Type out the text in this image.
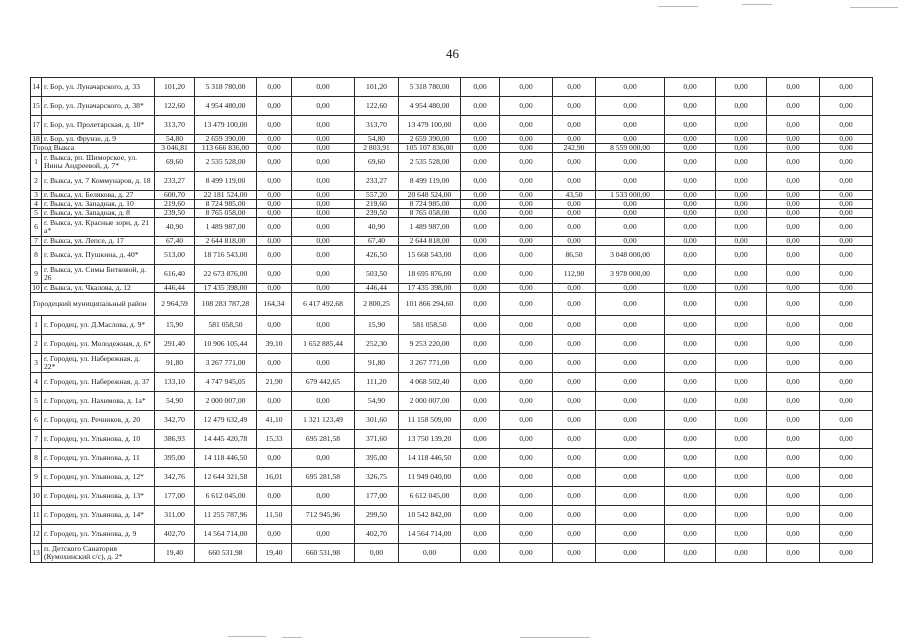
46
14	г. Бор, ул. Луначарского, д. 33	101,20	5 318 780,00	0,00	0,00	101,20	5 318 780,00	0,00	0,00	0,00	0,00	0,00	0,00	0,00	0,00
15	г. Бор, ул. Луначарского, д. 38*	122,60	4 954 480,00	0,00	0,00	122,60	4 954 480,00	0,00	0,00	0,00	0,00	0,00	0,00	0,00	0,00
17	г. Бор, ул. Пролетарская, д. 10*	313,70	13 479 100,00	0,00	0,00	313,70	13 479 100,00	0,00	0,00	0,00	0,00	0,00	0,00	0,00	0,00
18	г. Бор, ул. Фрунзе, д. 9	54,80	2 659 390,00	0,00	0,00	54,80	2 659 390,00	0,00	0,00	0,00	0,00	0,00	0,00	0,00	0,00
Город Выкса		3 046,81	113 666 836,00	0,00	0,00	2 803,91	105 107 836,00	0,00	0,00	242,90	8 559 000,00	0,00	0,00	0,00	0,00
1	г. Выкса, рп. Шиморское, ул. Нины Андреевой, д. 7*	69,60	2 535 528,00	0,00	0,00	69,60	2 535 528,00	0,00	0,00	0,00	0,00	0,00	0,00	0,00	0,00
2	г. Выкса, ул. 7 Коммунаров, д. 18	233,27	8 499 119,00	0,00	0,00	233,27	8 499 119,00	0,00	0,00	0,00	0,00	0,00	0,00	0,00	0,00
3	г. Выкса, ул. Белякова, д. 27	600,70	22 181 524,00	0,00	0,00	557,20	20 648 524,00	0,00	0,00	43,50	1 533 000,00	0,00	0,00	0,00	0,00
4	г. Выкса, ул. Западная, д. 10	219,60	8 724 985,00	0,00	0,00	219,60	8 724 985,00	0,00	0,00	0,00	0,00	0,00	0,00	0,00	0,00
5	г. Выкса, ул. Западная, д. 8	239,50	8 765 058,00	0,00	0,00	239,50	8 765 058,00	0,00	0,00	0,00	0,00	0,00	0,00	0,00	0,00
6	г. Выкса, ул. Красные зори, д. 21 а*	40,90	1 489 987,00	0,00	0,00	40,90	1 489 987,00	0,00	0,00	0,00	0,00	0,00	0,00	0,00	0,00
7	г. Выкса, ул. Лепсе, д. 17	67,40	2 644 818,00	0,00	0,00	67,40	2 644 818,00	0,00	0,00	0,00	0,00	0,00	0,00	0,00	0,00
8	г. Выкса, ул. Пушкина, д. 40*	513,00	18 716 543,00	0,00	0,00	426,50	15 668 543,00	0,00	0,00	86,50	3 048 000,00	0,00	0,00	0,00	0,00
9	г. Выкса, ул. Симы Битковой, д. 26	616,40	22 673 876,00	0,00	0,00	503,50	18 695 876,00	0,00	0,00	112,90	3 978 000,00	0,00	0,00	0,00	0,00
10	г. Выкса, ул. Чкалова, д. 12	446,44	17 435 398,00	0,00	0,00	446,44	17 435 398,00	0,00	0,00	0,00	0,00	0,00	0,00	0,00	0,00
Городецкий муниципальный район		2 964,59	108 283 787,28	164,34	6 417 492,68	2 800,25	101 866 294,60	0,00	0,00	0,00	0,00	0,00	0,00	0,00	0,00
1	г. Городец, ул. Д.Маслова, д. 9*	15,90	581 058,50	0,00	0,00	15,90	581 058,50	0,00	0,00	0,00	0,00	0,00	0,00	0,00	0,00
2	г. Городец, ул. Молодежная, д. 6*	291,40	10 906 105,44	39,10	1 652 885,44	252,30	9 253 220,00	0,00	0,00	0,00	0,00	0,00	0,00	0,00	0,00
3	г. Городец, ул. Набережная, д. 22*	91,80	3 267 771,00	0,00	0,00	91,80	3 267 771,00	0,00	0,00	0,00	0,00	0,00	0,00	0,00	0,00
4	г. Городец, ул. Набережная, д. 37	133,10	4 747 945,05	21,90	679 442,65	111,20	4 068 502,40	0,00	0,00	0,00	0,00	0,00	0,00	0,00	0,00
5	г. Городец, ул. Нахимова, д. 1а*	54,90	2 000 007,00	0,00	0,00	54,90	2 000 007,00	0,00	0,00	0,00	0,00	0,00	0,00	0,00	0,00
6	г. Городец, ул. Речников, д. 20	342,70	12 479 632,49	41,10	1 321 123,49	301,60	11 158 509,00	0,00	0,00	0,00	0,00	0,00	0,00	0,00	0,00
7	г. Городец, ул. Ульянова, д. 10	386,93	14 445 420,78	15,33	695 281,58	371,60	13 750 139,20	0,00	0,00	0,00	0,00	0,00	0,00	0,00	0,00
8	г. Городец, ул. Ульянова, д. 11	395,00	14 118 446,50	0,00	0,00	395,00	14 118 446,50	0,00	0,00	0,00	0,00	0,00	0,00	0,00	0,00
9	г. Городец, ул. Ульянова, д. 12*	342,76	12 644 321,58	16,01	695 281,58	326,75	11 949 040,00	0,00	0,00	0,00	0,00	0,00	0,00	0,00	0,00
10	г. Городец, ул. Ульянова, д. 13*	177,00	6 612 045,00	0,00	0,00	177,00	6 612 045,00	0,00	0,00	0,00	0,00	0,00	0,00	0,00	0,00
11	г. Городец, ул. Ульянова, д. 14*	311,00	11 255 787,96	11,50	712 945,96	299,50	10 542 842,00	0,00	0,00	0,00	0,00	0,00	0,00	0,00	0,00
12	г. Городец, ул. Ульянова, д. 9	402,70	14 564 714,00	0,00	0,00	402,70	14 564 714,00	0,00	0,00	0,00	0,00	0,00	0,00	0,00	0,00
13	п. Детского Санатория (Кумохинский с/с), д. 2*	19,40	660 531,98	19,40	660 531,98	0,00	0,00	0,00	0,00	0,00	0,00	0,00	0,00	0,00	0,00
